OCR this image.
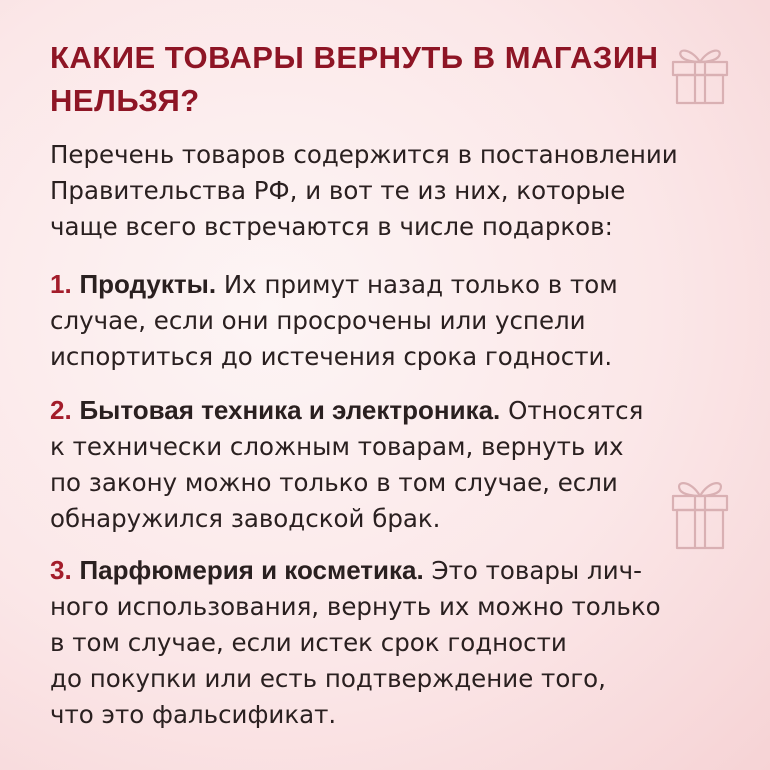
КАКИЕ ТОВАРЫ ВЕРНУТЬ В МАГАЗИН
НЕЛЬЗЯ?
Перечень товаров содержится в постановлении
Правительства РФ, и вот те из них, которые
чаще всего встречаются в числе подарков:
1. Продукты. Их примут назад только в том
случае, если они просрочены или успели
испортиться до истечения срока годности.
2. Бытовая техника и электроника. Относятся
к технически сложным товарам, вернуть их
по закону можно только в том случае, если
обнаружился заводской брак.
3. Парфюмерия и косметика. Это товары лич-
ного использования, вернуть их можно только
в том случае, если истек срок годности
до покупки или есть подтверждение того,
что это фальсификат.
